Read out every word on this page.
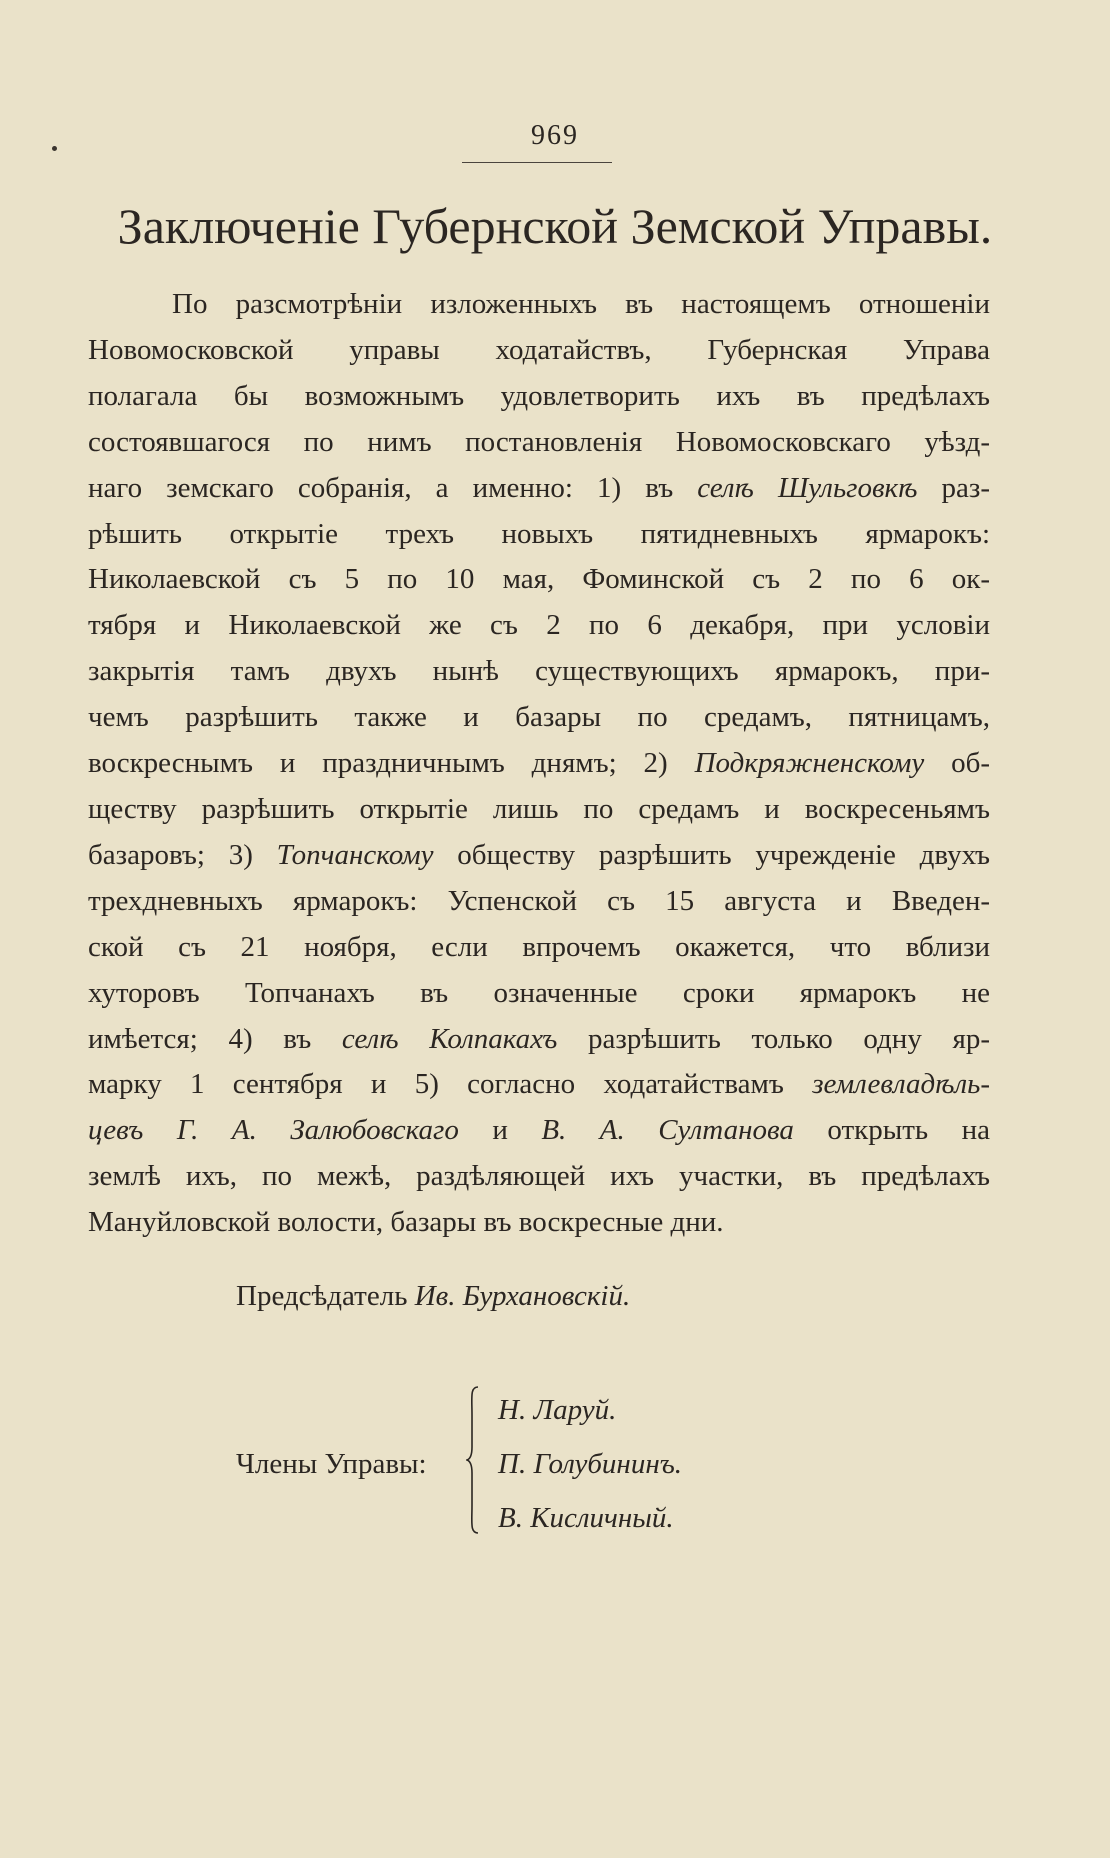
969
Заключенiе Губернской Земской Управы.
По разсмотрѣнiи изложенныхъ въ настоящемъ отношенiи
Новомосковской управы ходатайствъ, Губернская Управа
полагала бы возможнымъ удовлетворить ихъ въ предѣлахъ
состоявшагося по нимъ постановленiя Новомосковскаго уѣзд-
наго земскаго собранiя, а именно: 1) въ селѣ Шульговкѣ раз-
рѣшить открытiе трехъ новыхъ пятидневныхъ ярмарокъ:
Николаевской съ 5 по 10 мая, Фоминской съ 2 по 6 ок-
тября и Николаевской же съ 2 по 6 декабря, при условiи
закрытiя тамъ двухъ нынѣ существующихъ ярмарокъ, при-
чемъ разрѣшить также и базары по средамъ, пятницамъ,
воскреснымъ и праздничнымъ днямъ; 2) Подкряжненскому об-
ществу разрѣшить открытiе лишь по средамъ и воскресеньямъ
базаровъ; 3) Топчанскому обществу разрѣшить учрежденiе двухъ
трехдневныхъ ярмарокъ: Успенской съ 15 августа и Введен-
ской съ 21 ноября, если впрочемъ окажется, что вблизи
хуторовъ Топчанахъ въ означенные сроки ярмарокъ не
имѣется; 4) въ селѣ Колпакахъ разрѣшить только одну яр-
марку 1 сентября и 5) согласно ходатайствамъ землевладѣль-
цевъ Г. А. Залюбовскаго и В. А. Султанова открыть на
землѣ ихъ, по межѣ, раздѣляющей ихъ участки, въ предѣлахъ
Мануйловской волости, базары въ воскресные дни.
Предсѣдатель Ив. Бурхановскiй.
Члены Управы:
Н. Ларуй.
П. Голубининъ.
В. Кисличный.
